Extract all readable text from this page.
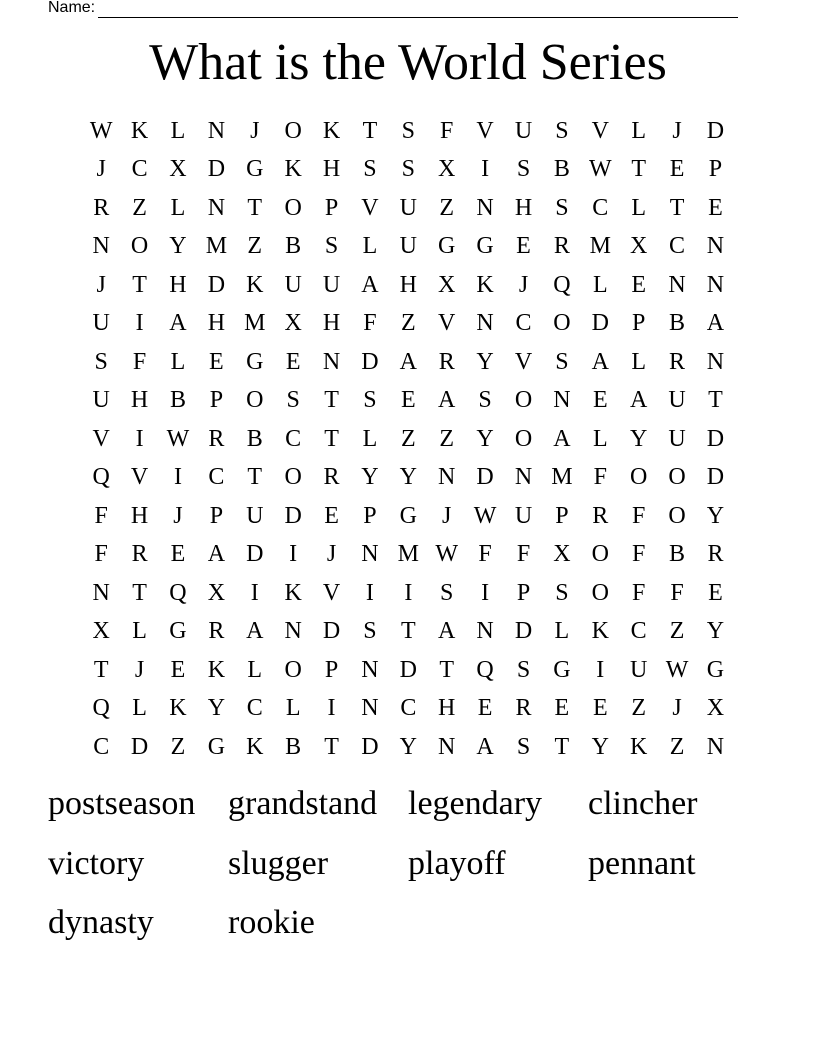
Name:
What is the World Series
W K L N	J	O K T	S	F V U S V L	J	D
J	C X D G K H S	S X	I	S B W T E	P
R Z L N T O P V U Z N H S C L T E
N O Y M Z B S	L U G G E R M X C N
J	T H D K U U A H X K	J	Q L E N N
U	I	A H M X H F	Z V N C O D P B A
S	F	L E G E N D A R Y V S A L R N
U H B P O S	T	S	E A S O N E A U T
V	I W R B C T L Z Z Y O A L Y U D
Q V	I	C T O R Y Y N D N M F O O D
F H	J	P U D E	P G	J W U P R F O Y
F R E A D	I	J	N M W F	F X O F B R
N T Q X	I	K V	I	I	S	I	P	S O F	F	E
X L G R A N D S	T A N D L K C Z Y
T	J	E K L O P N D T Q S G	I	U W G
Q L K Y C L	I	N C H E R E E Z	J	X
C D Z G K B T D Y N A S	T Y K Z N
postseason grandstand legendary	clincher
victory	slugger	playoff	pennant
dynasty	rookie
